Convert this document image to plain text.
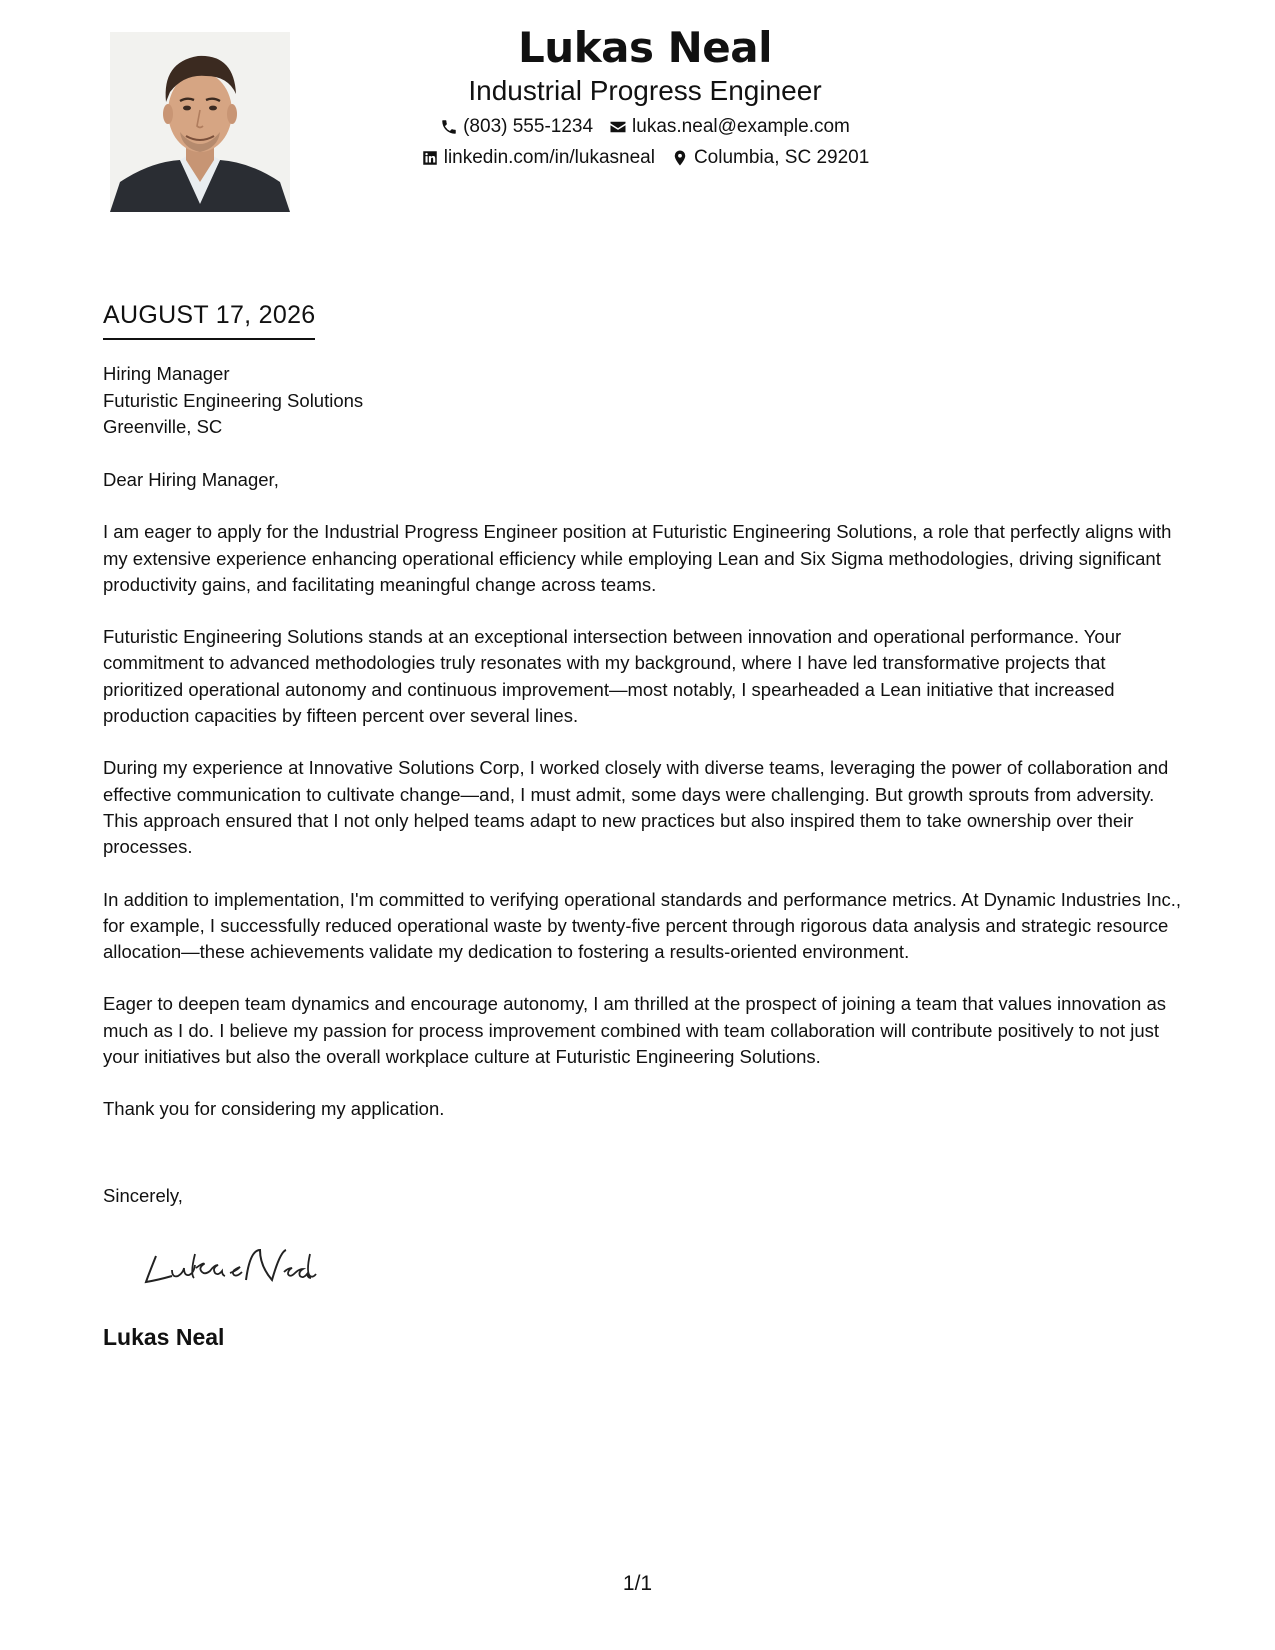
Lukas Neal
Industrial Progress Engineer
(803) 555-1234 lukas.neal@example.com
linkedin.com/in/lukasneal Columbia, SC 29201
AUGUST 17, 2026
Hiring Manager
Futuristic Engineering Solutions
Greenville, SC

Dear Hiring Manager,

I am eager to apply for the Industrial Progress Engineer position at Futuristic Engineering Solutions, a role that perfectly aligns with my extensive experience enhancing operational efficiency while employing Lean and Six Sigma methodologies, driving significant productivity gains, and facilitating meaningful change across teams.

Futuristic Engineering Solutions stands at an exceptional intersection between innovation and operational performance. Your commitment to advanced methodologies truly resonates with my background, where I have led transformative projects that prioritized operational autonomy and continuous improvement—most notably, I spearheaded a Lean initiative that increased production capacities by fifteen percent over several lines.

During my experience at Innovative Solutions Corp, I worked closely with diverse teams, leveraging the power of collaboration and effective communication to cultivate change—and, I must admit, some days were challenging. But growth sprouts from adversity. This approach ensured that I not only helped teams adapt to new practices but also inspired them to take ownership over their processes.

In addition to implementation, I'm committed to verifying operational standards and performance metrics. At Dynamic Industries Inc., for example, I successfully reduced operational waste by twenty-five percent through rigorous data analysis and strategic resource allocation—these achievements validate my dedication to fostering a results-oriented environment.

Eager to deepen team dynamics and encourage autonomy, I am thrilled at the prospect of joining a team that values innovation as much as I do. I believe my passion for process improvement combined with team collaboration will contribute positively to not just your initiatives but also the overall workplace culture at Futuristic Engineering Solutions.

Thank you for considering my application.

Sincerely,
Lukas Neal
1/1
